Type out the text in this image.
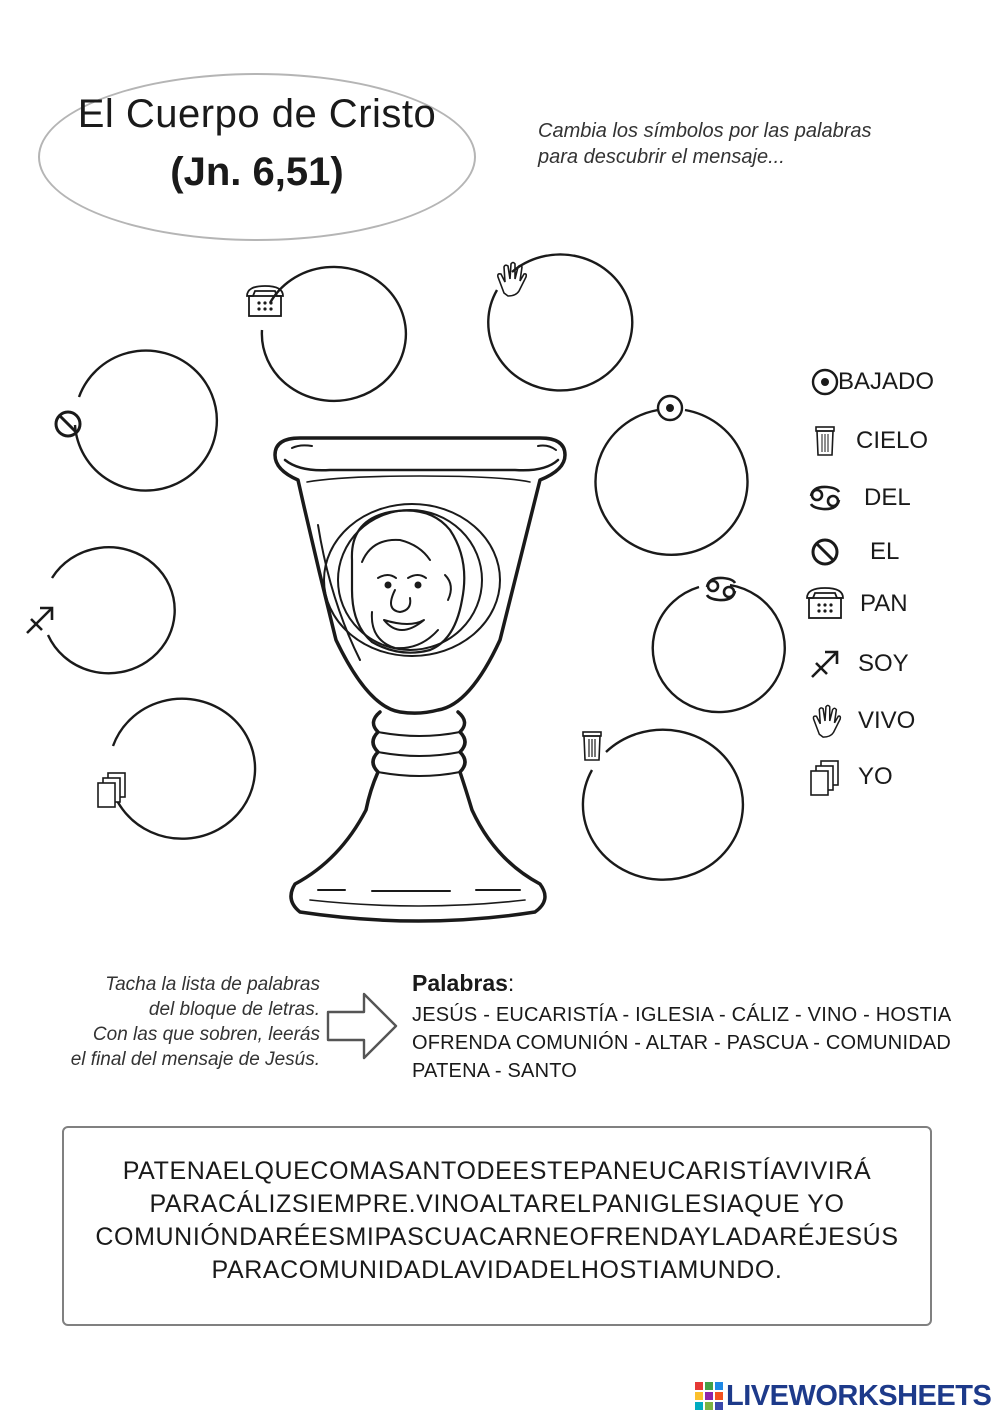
El Cuerpo de Cristo
(Jn. 6,51)
Cambia los símbolos por las palabras
para descubrir el mensaje...
BAJADO
CIELO
DEL
EL
PAN
SOY
VIVO
YO
Tacha la lista de palabras
del bloque de letras.
Con las que sobren, leerás
el final del mensaje de Jesús.
Palabras:
JESÚS - EUCARISTÍA - IGLESIA - CÁLIZ - VINO - HOSTIA
OFRENDA COMUNIÓN - ALTAR - PASCUA - COMUNIDAD
PATENA - SANTO
PATENAELQUECOMASANTODEESTEPANEUCARISTÍAVIVIRÁ
PARACÁLIZSIEMPRE.VINOALTARELPANIGLESIAQUE YO
COMUNIÓNDARÉESMIPASCUACARNEOFRENDAYLADARÉJESÚS
PARACOMUNIDADLAVIDADELHOSTIAMUNDO.
LIVEWORKSHEETS
